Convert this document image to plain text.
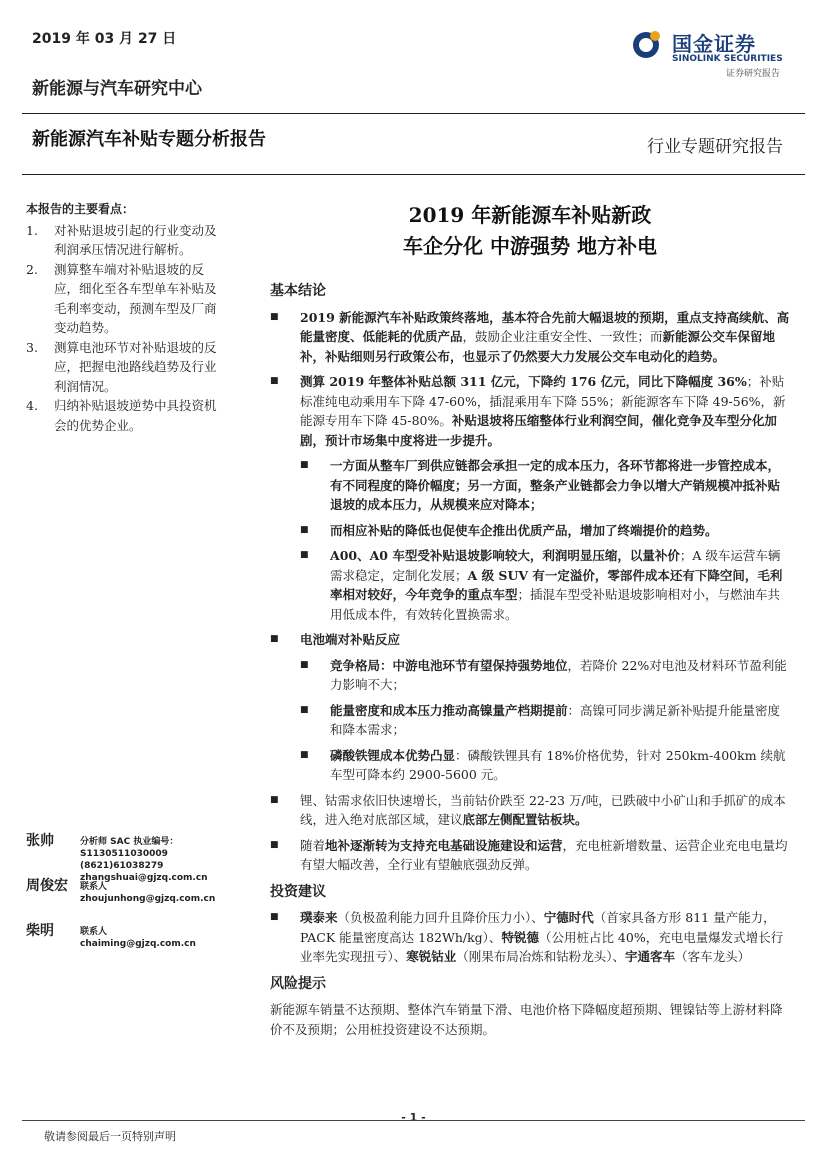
2019 年 03 月 27 日	国金证券
SINOLINK SECURITIES
证券研究报告
新能源与汽车研究中心
新能源汽车补贴专题分析报告	行业专题研究报告
本报告的主要看点：
1.	对补贴退坡引起的行业变动及利润承压情况进行解析。
2.	测算整车端对补贴退坡的反应，细化至各车型单车补贴及毛利率变动，预测车型及厂商变动趋势。
3.	测算电池环节对补贴退坡的反应，把握电池路线趋势及行业利润情况。
4.	归纳补贴退坡逆势中具投资机会的优势企业。
张帅	分析师 SAC 执业编号：S1130511030009
(8621)61038279
zhangshuai@gjzq.com.cn
周俊宏 联系人
zhoujunhong@gjzq.com.cn
柴明	联系人
chaiming@gjzq.com.cn
2019 年新能源车补贴新政
车企分化 中游强势 地方补电
基本结论
■	2019 新能源汽车补贴政策终落地，基本符合先前大幅退坡的预期，重点支持高续航、高能量密度、低能耗的优质产品，鼓励企业注重安全性、一致性；而新能源公交车保留地补，补贴细则另行政策公布，也显示了仍然要大力发展公交车电动化的趋势。
■	测算 2019 年整体补贴总额 311 亿元，下降约 176 亿元，同比下降幅度 36%；补贴标准纯电动乘用车下降 47-60%，插混乘用车下降 55%；新能源客车下降 49-56%，新能源专用车下降 45-80%。补贴退坡将压缩整体行业利润空间，催化竞争及车型分化加剧，预计市场集中度将进一步提升。
■	一方面从整车厂到供应链都会承担一定的成本压力，各环节都将进一步管控成本，有不同程度的降价幅度；另一方面，整条产业链都会力争以增大产销规模冲抵补贴退坡的成本压力，从规模来应对降本；
■	而相应补贴的降低也促使车企推出优质产品，增加了终端提价的趋势。
■	A00、A0 车型受补贴退坡影响较大，利润明显压缩，以量补价；A 级车运营车辆需求稳定，定制化发展；A 级 SUV 有一定溢价，零部件成本还有下降空间，毛利率相对较好，今年竞争的重点车型；插混车型受补贴退坡影响相对小，与燃油车共用低成本件，有效转化置换需求。
■	电池端对补贴反应
■	竞争格局：中游电池环节有望保持强势地位，若降价 22%对电池及材料环节盈利能力影响不大；
■	能量密度和成本压力推动高镍量产档期提前：高镍可同步满足新补贴提升能量密度和降本需求；
■	磷酸铁锂成本优势凸显：磷酸铁锂具有 18%价格优势，针对 250km-400km 续航车型可降本约 2900-5600 元。
■	锂、钴需求依旧快速增长，当前钴价跌至 22-23 万/吨，已跌破中小矿山和手抓矿的成本线，进入绝对底部区域，建议底部左侧配置钴板块。
■	随着地补逐渐转为支持充电基础设施建设和运营，充电桩新增数量、运营企业充电电量均有望大幅改善，全行业有望触底强劲反弹。
投资建议
■	璞泰来（负极盈利能力回升且降价压力小）、宁德时代（首家具备方形 811 量产能力，PACK 能量密度高达 182Wh/kg）、特锐德（公用桩占比 40%，充电电量爆发式增长行业率先实现扭亏）、寒锐钴业（刚果布局冶炼和钴粉龙头）、宇通客车（客车龙头）
风险提示
新能源车销量不达预期、整体汽车销量下滑、电池价格下降幅度超预期、锂镍钴等上游材料降价不及预期；公用桩投资建设不达预期。
- 1 -
敬请参阅最后一页特别声明
